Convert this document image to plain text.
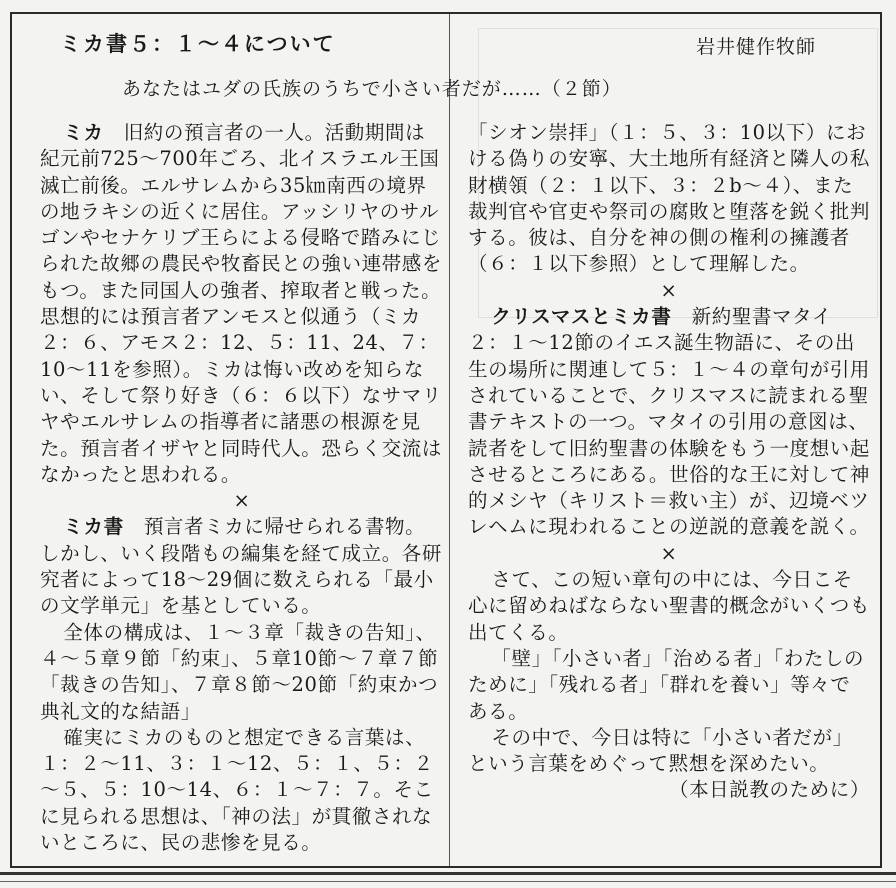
ミカ書５：１～４について	岩井健作牧師
あなたはユダの氏族のうちで小さい者だが……（２節）

ミカ　 旧約の預言者の一人。活動期間は紀元前725～700年ごろ、北イスラエル王国滅亡前後。エルサレムから35㎞南西の境界の地ラキシの近くに居住。アッシリヤのサルゴンやセナケリブ王らによる侵略で踏みにじられた故郷の農民や牧畜民との強い連帯感をもつ。また同国人の強者、搾取者と戦った。思想的には預言者アンモスと似通う（ミカ２：６、アモス２：12、５：11、24、７：10～11を参照）。ミカは悔い改めを知らない、そして祭り好き（６：６以下）なサマリヤやエルサレムの指導者に諸悪の根源を見た。預言者イザヤと同時代人。恐らく交流はなかったと思われる。

×

ミカ書　 預言者ミカに帰せられる書物。しかし、いく段階もの編集を経て成立。各研究者によって18～29個に数えられる「最小の文学単元」を基としている。

全体の構成は、１～３章「裁きの告知」、４～５章９節「約束」、５章10節～７章７節「裁きの告知」、７章８節～20節「約束かつ典礼文的な結語」

確実にミカのものと想定できる言葉は、１：２～11、３：１～12、５：１、５：２～５、５：10～14、６：１～７：７。そこに見られる思想は、「神の法」が貫徹されないところに、民の悲惨を見る。

「シオン崇拝」（１：５、３：10以下）における偽りの安寧、大土地所有経済と隣人の私財横領（２：１以下、３：２b～４）、また裁判官や官吏や祭司の腐敗と堕落を鋭く批判する。彼は、自分を神の側の権利の擁護者（６：１以下参照）として理解した。

×

クリスマスとミカ書　 新約聖書マタイ２：１～12節のイエス誕生物語に、その出生の場所に関連して５：１～４の章句が引用されていることで、クリスマスに読まれる聖書テキストの一つ。マタイの引用の意図は、読者をして旧約聖書の体験をもう一度想い起させるところにある。世俗的な王に対して神的メシヤ（キリスト＝救い主）が、辺境ベツレヘムに現われることの逆説的意義を説く。

×

さて、この短い章句の中には、今日こそ心に留めねばならない聖書的概念がいくつも出てくる。

「壁」「小さい者」「治める者」「わたしのために」「残れる者」「群れを養い」等々である。

その中で、今日は特に「小さい者だが」という言葉をめぐって黙想を深めたい。

（本日説教のために）
